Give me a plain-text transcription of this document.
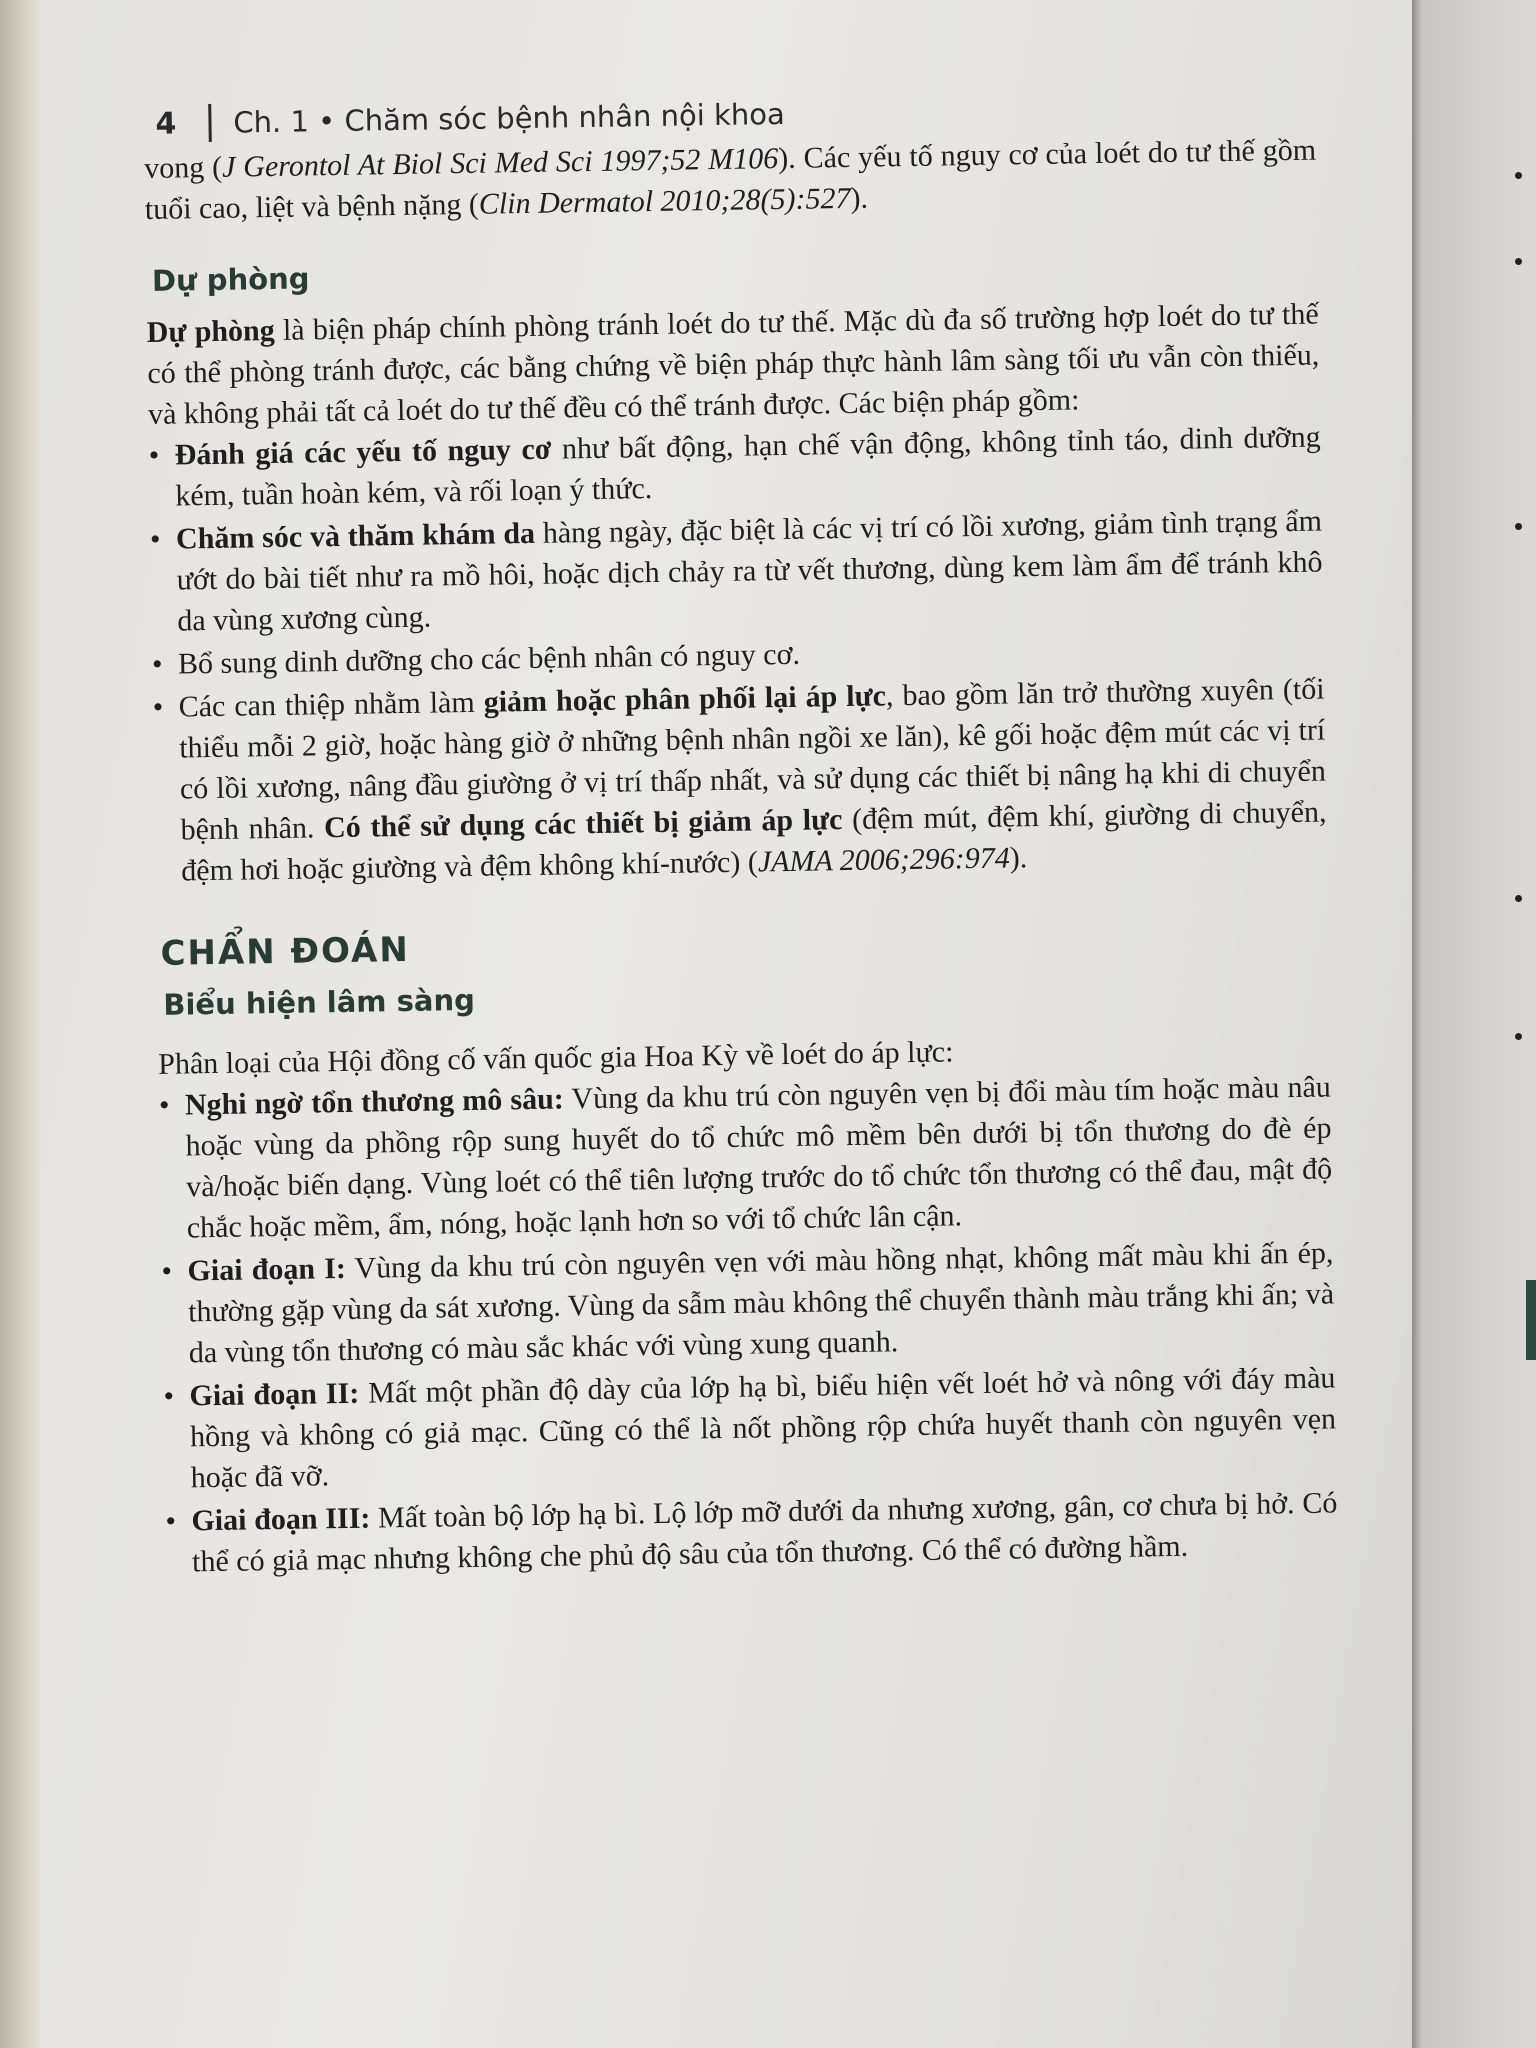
4 Ch. 1 • Chăm sóc bệnh nhân nội khoa

vong (J Gerontol At Biol Sci Med Sci 1997;52 M106). Các yếu tố nguy cơ của loét do tư thế gồm tuổi cao, liệt và bệnh nặng (Clin Dermatol 2010;28(5):527).

Dự phòng

Dự phòng là biện pháp chính phòng tránh loét do tư thế. Mặc dù đa số trường hợp loét do tư thế có thể phòng tránh được, các bằng chứng về biện pháp thực hành lâm sàng tối ưu vẫn còn thiếu, và không phải tất cả loét do tư thế đều có thể tránh được. Các biện pháp gồm:

• Đánh giá các yếu tố nguy cơ như bất động, hạn chế vận động, không tỉnh táo, dinh dưỡng kém, tuần hoàn kém, và rối loạn ý thức.
• Chăm sóc và thăm khám da hàng ngày, đặc biệt là các vị trí có lồi xương, giảm tình trạng ẩm ướt do bài tiết như ra mồ hôi, hoặc dịch chảy ra từ vết thương, dùng kem làm ẩm để tránh khô da vùng xương cùng.
• Bổ sung dinh dưỡng cho các bệnh nhân có nguy cơ.
• Các can thiệp nhằm làm giảm hoặc phân phối lại áp lực, bao gồm lăn trở thường xuyên (tối thiểu mỗi 2 giờ, hoặc hàng giờ ở những bệnh nhân ngồi xe lăn), kê gối hoặc đệm mút các vị trí có lồi xương, nâng đầu giường ở vị trí thấp nhất, và sử dụng các thiết bị nâng hạ khi di chuyển bệnh nhân. Có thể sử dụng các thiết bị giảm áp lực (đệm mút, đệm khí, giường di chuyển, đệm hơi hoặc giường và đệm không khí-nước) (JAMA 2006;296:974).
CHẨN ĐOÁN
Biểu hiện lâm sàng

Phân loại của Hội đồng cố vấn quốc gia Hoa Kỳ về loét do áp lực:

• Nghi ngờ tổn thương mô sâu: Vùng da khu trú còn nguyên vẹn bị đổi màu tím hoặc màu nâu hoặc vùng da phồng rộp sung huyết do tổ chức mô mềm bên dưới bị tổn thương do đè ép và/hoặc biến dạng. Vùng loét có thể tiên lượng trước do tổ chức tổn thương có thể đau, mật độ chắc hoặc mềm, ẩm, nóng, hoặc lạnh hơn so với tổ chức lân cận.
• Giai đoạn I: Vùng da khu trú còn nguyên vẹn với màu hồng nhạt, không mất màu khi ấn ép, thường gặp vùng da sát xương. Vùng da sẫm màu không thể chuyển thành màu trắng khi ấn; và da vùng tổn thương có màu sắc khác với vùng xung quanh.
• Giai đoạn II: Mất một phần độ dày của lớp hạ bì, biểu hiện vết loét hở và nông với đáy màu hồng và không có giả mạc. Cũng có thể là nốt phồng rộp chứa huyết thanh còn nguyên vẹn hoặc đã vỡ.
• Giai đoạn III: Mất toàn bộ lớp hạ bì. Lộ lớp mỡ dưới da nhưng xương, gân, cơ chưa bị hở. Có thể có giả mạc nhưng không che phủ độ sâu của tổn thương. Có thể có đường hầm.
